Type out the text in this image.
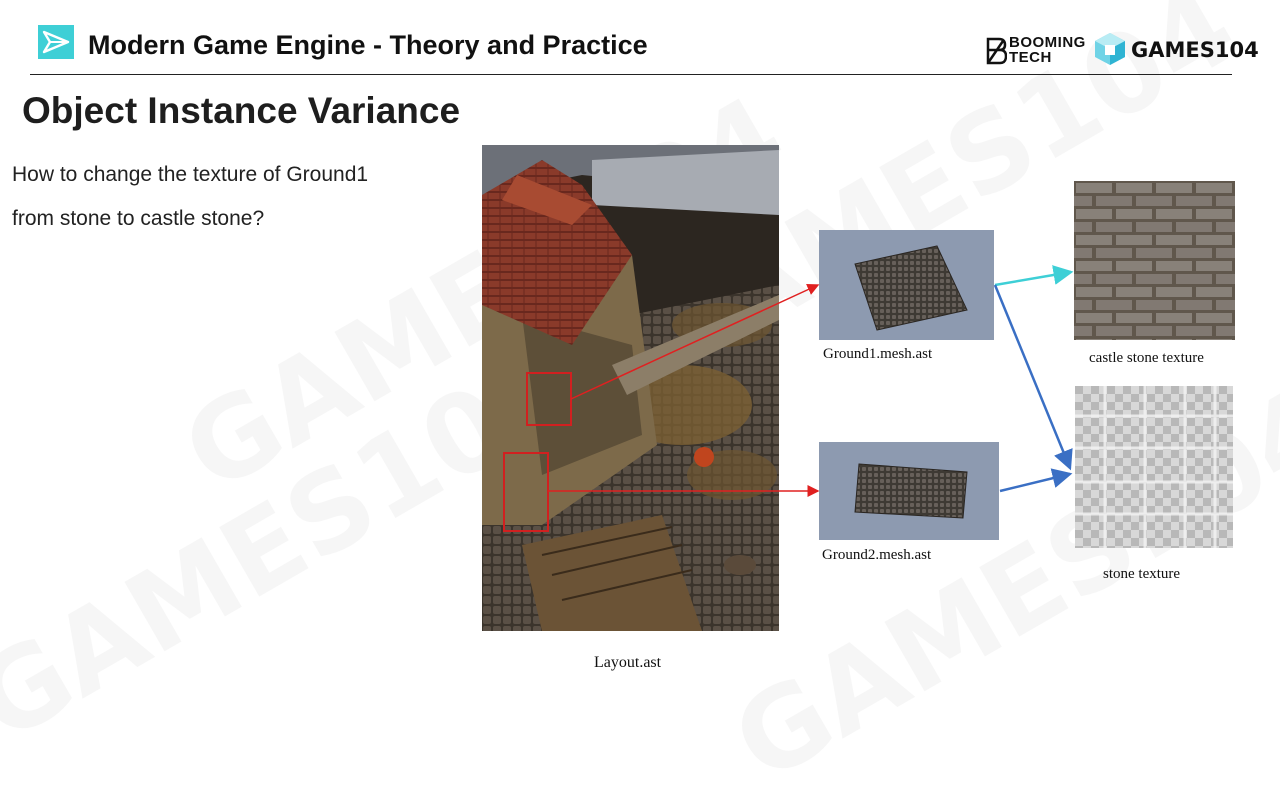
Modern Game Engine - Theory and Practice	BOOMING
TECH	GAMES104
Object Instance Variance
How to change the texture of Ground1
from stone to castle stone?
Layout.ast
Ground1.mesh.ast
Ground2.mesh.ast
castle stone texture
stone texture
